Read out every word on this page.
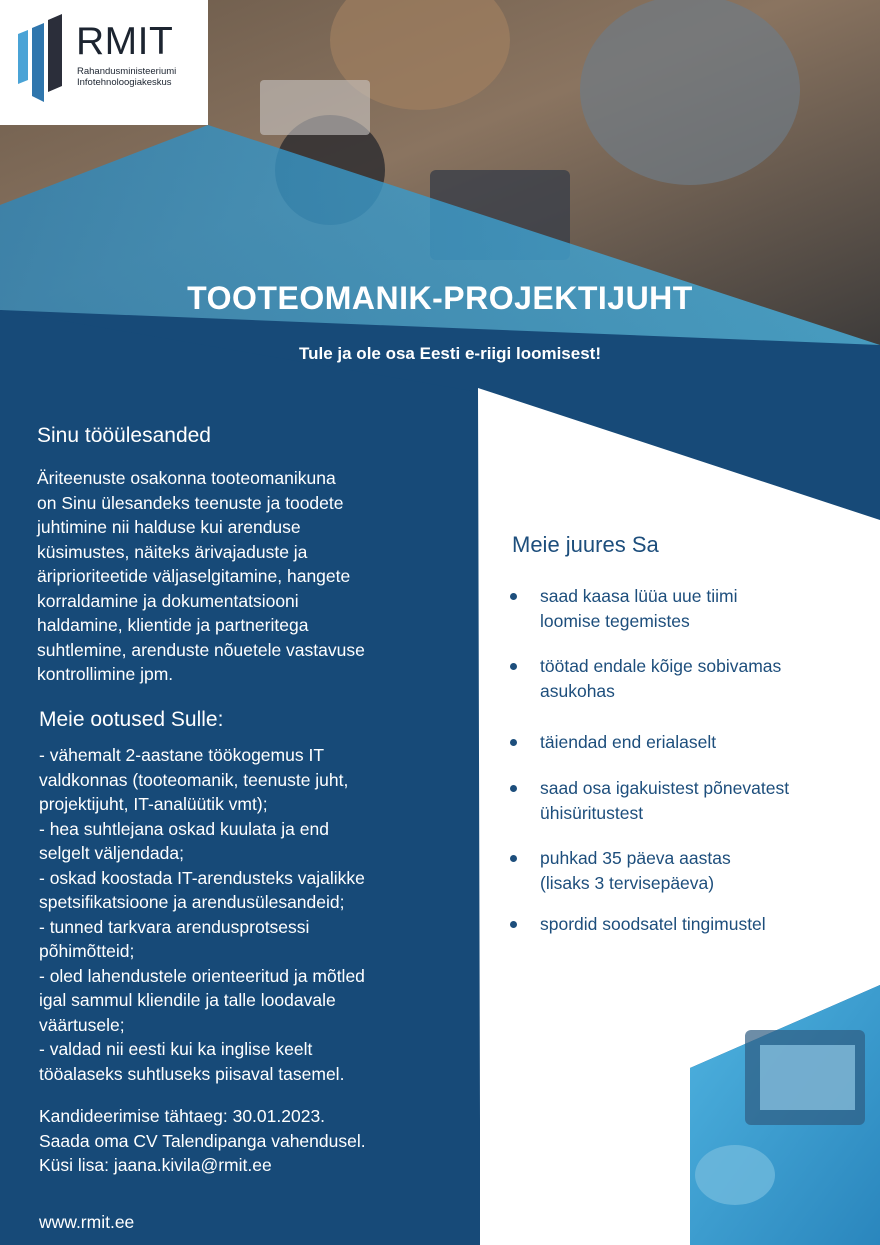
RMIT
Rahandusministeeriumi
Infotehnoloogiakeskus
TOOTEOMANIK-PROJEKTIJUHT
Tule ja ole osa Eesti e-riigi loomisest!
Sinu tööülesanded

Äriteenuste osakonna tooteomanikuna

on Sinu ülesandeks teenuste ja toodete

juhtimine nii halduse kui arenduse

küsimustes, näiteks ärivajaduste ja

äriprioriteetide väljaselgitamine, hangete

korraldamine ja dokumentatsiooni

haldamine, klientide ja partneritega

suhtlemine, arenduste nõuetele vastavuse

kontrollimine jpm.

Meie ootused Sulle:

- vähemalt 2-aastane töökogemus IT

valdkonnas (tooteomanik, teenuste juht,

projektijuht, IT-analüütik vmt);

- hea suhtlejana oskad kuulata ja end

selgelt väljendada;

- oskad koostada IT-arendusteks vajalikke

spetsifikatsioone ja arendusülesandeid;

- tunned tarkvara arendusprotsessi

põhimõtteid;

- oled lahendustele orienteeritud ja mõtled

igal sammul kliendile ja talle loodavale

väärtusele;

- valdad nii eesti kui ka inglise keelt

tööalaseks suhtluseks piisaval tasemel.

Kandideerimise tähtaeg: 30.01.2023.

Saada oma CV Talendipanga vahendusel.

Küsi lisa: jaana.kivila@rmit.ee

www.rmit.ee
Meie juures Sa
saad kaasa lüüa uue tiimi
loomise tegemistes
töötad endale kõige sobivamas
asukohas
täiendad end erialaselt
saad osa igakuistest põnevatest
ühisüritustest
puhkad 35 päeva aastas
(lisaks 3 tervisepäeva)
spordid soodsatel tingimustel
